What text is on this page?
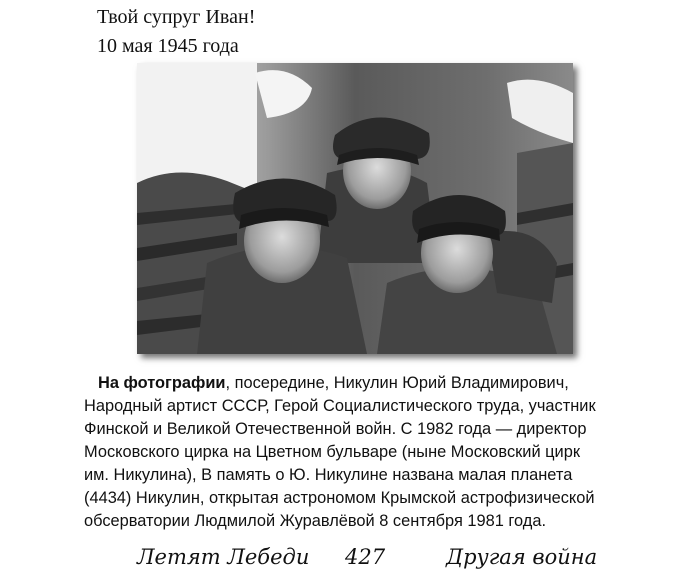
Твой супруг Иван!
10 мая 1945 года
На фотографии, посередине, Никулин Юрий Владимирович,
Народный артист СССР, Герой Социалистического труда, участник
Финской и Великой Отечественной войн. С 1982 года — директор
Московского цирка на Цветном бульваре (ныне Московский цирк
им. Никулина), В память о Ю. Никулине названа малая планета
(4434) Никулин, открытая астрономом Крымской астрофизической
обсерватории Людмилой Журавлёвой 8 сентября 1981 года.
Летят Лебеди 427	Другая война
